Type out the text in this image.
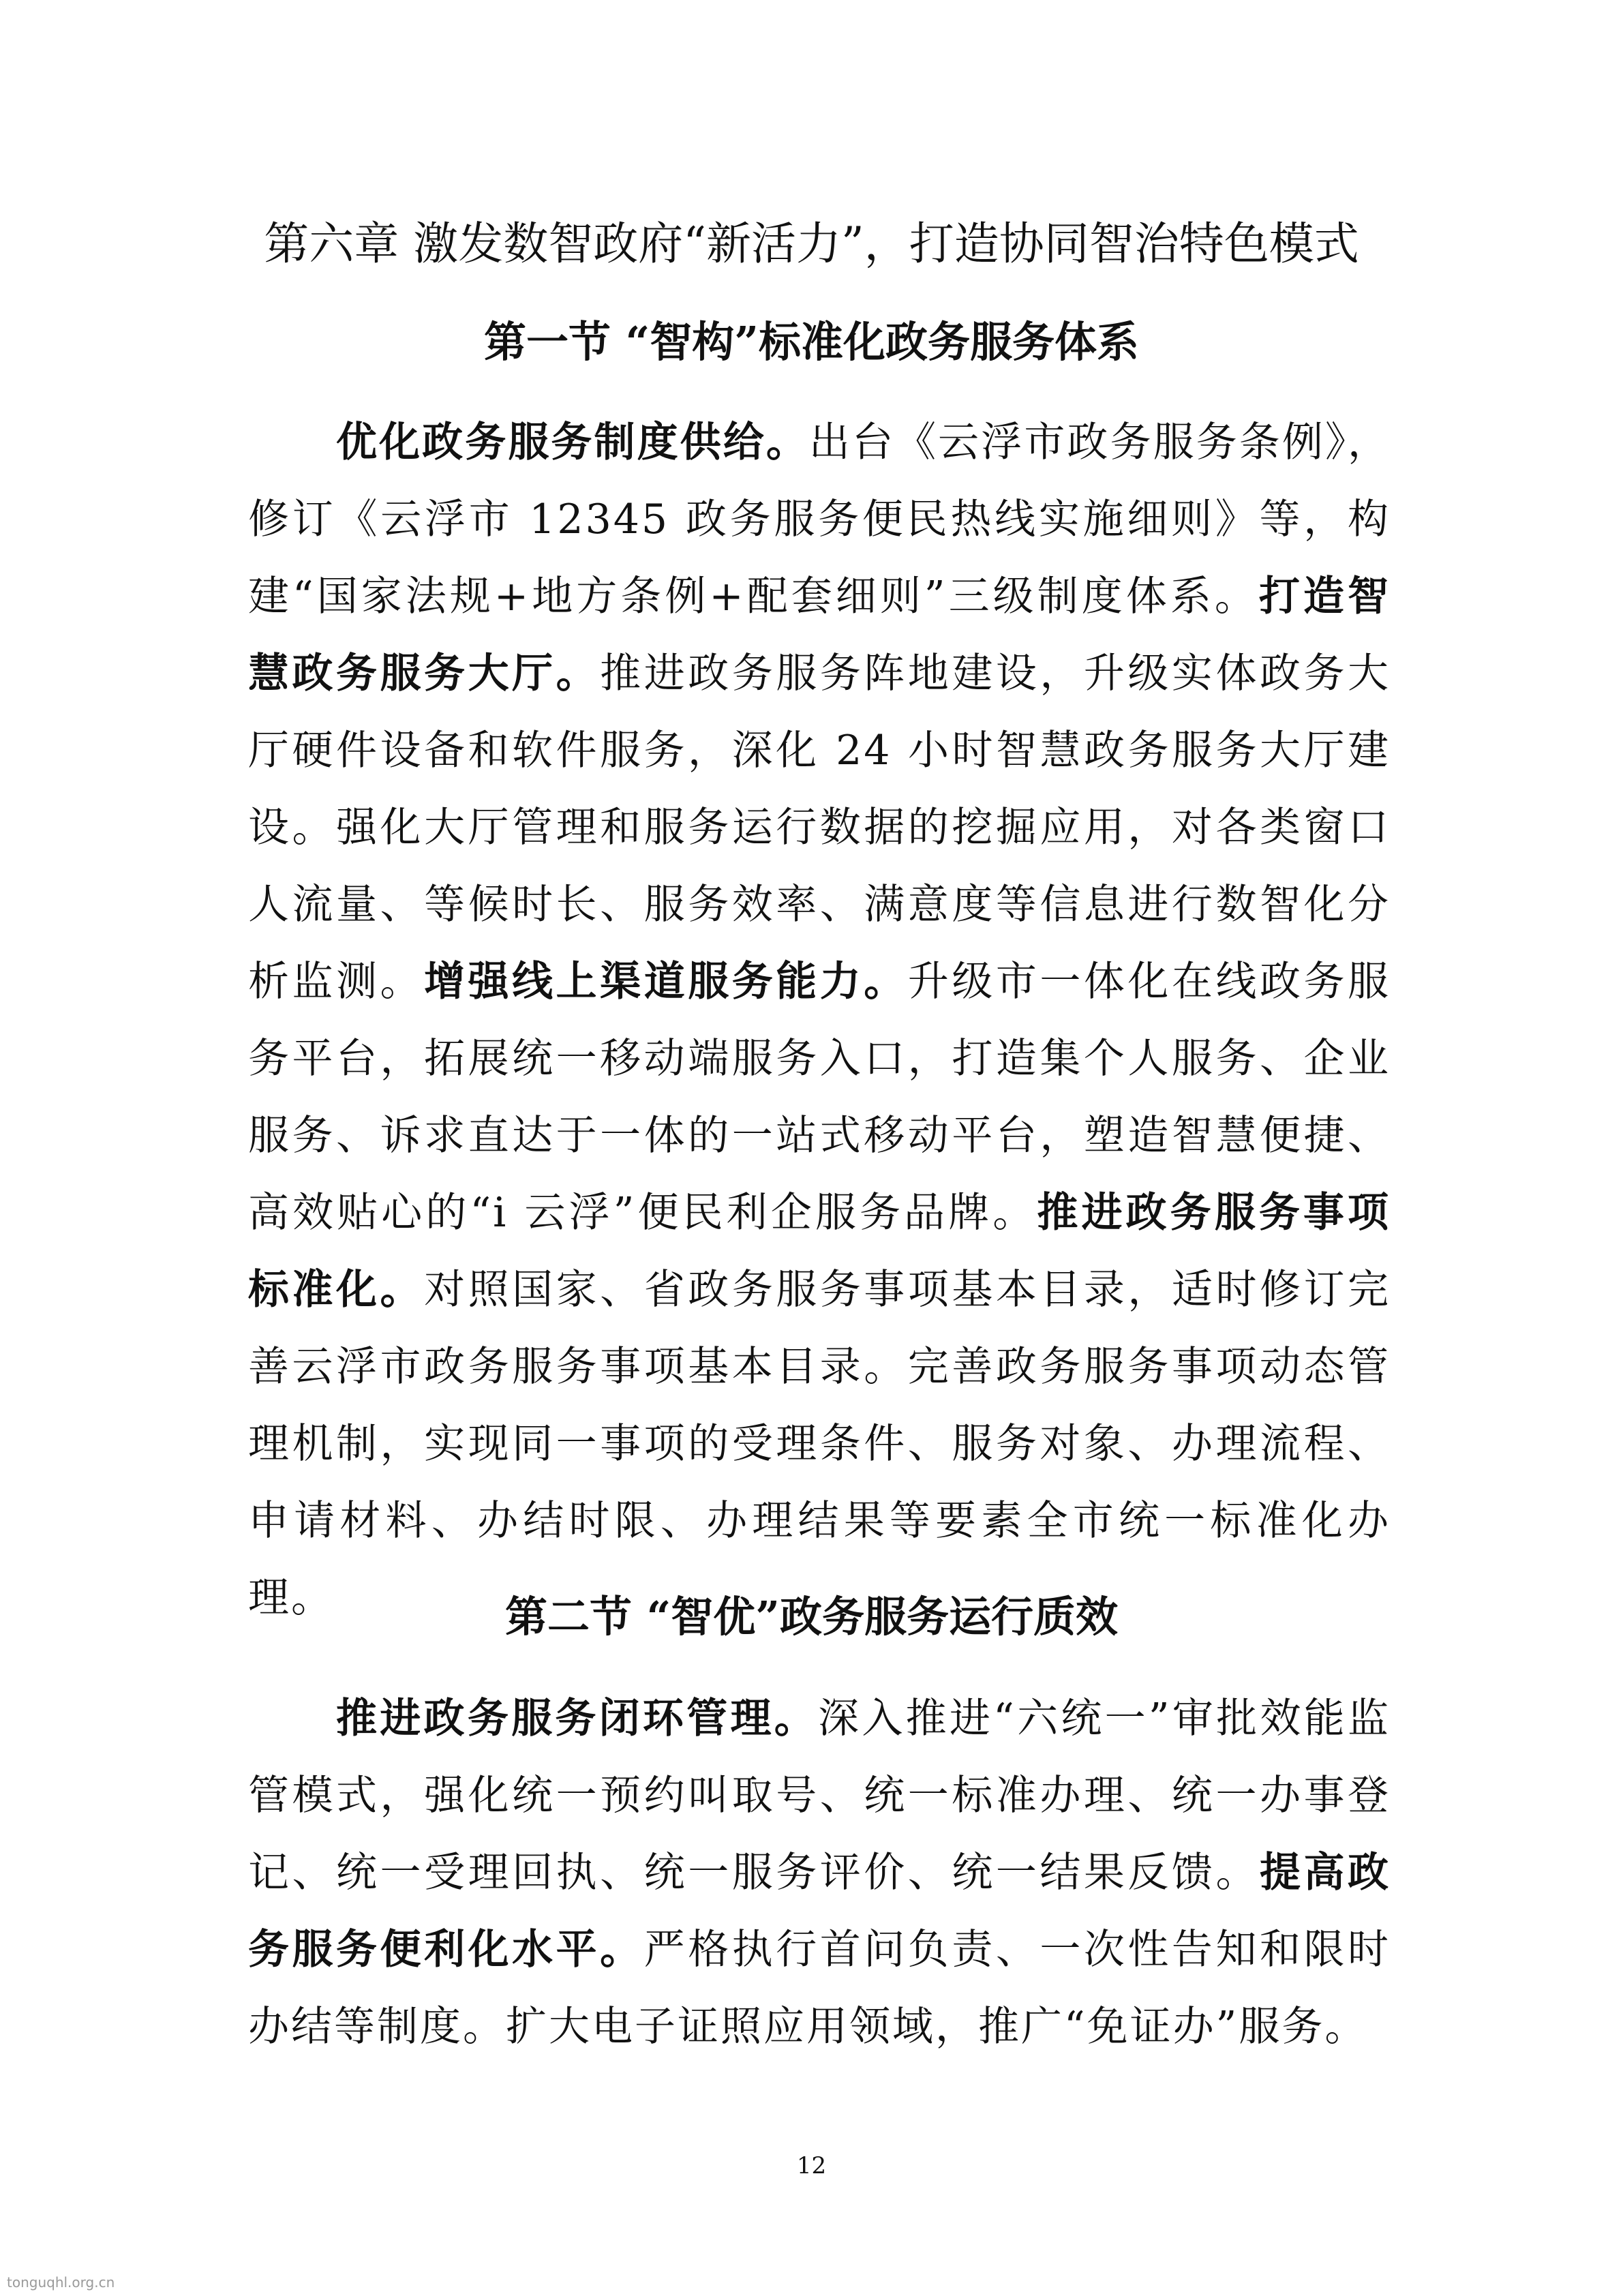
第六章 激发数智政府“新活力”，打造协同智治特色模式
第一节 “智构”标准化政务服务体系

优化政务服务制度供给。出台《云浮市政务服务条例》，修订《云浮市 12345 政务服务便民热线实施细则》等，构建“国家法规+地方条例+配套细则”三级制度体系。打造智慧政务服务大厅。推进政务服务阵地建设，升级实体政务大厅硬件设备和软件服务，深化 24 小时智慧政务服务大厅建设。强化大厅管理和服务运行数据的挖掘应用，对各类窗口人流量、等候时长、服务效率、满意度等信息进行数智化分析监测。增强线上渠道服务能力。升级市一体化在线政务服务平台，拓展统一移动端服务入口，打造集个人服务、企业服务、诉求直达于一体的一站式移动平台，塑造智慧便捷、高效贴心的“i 云浮”便民利企服务品牌。推进政务服务事项标准化。对照国家、省政务服务事项基本目录，适时修订完善云浮市政务服务事项基本目录。完善政务服务事项动态管理机制，实现同一事项的受理条件、服务对象、办理流程、申请材料、办结时限、办理结果等要素全市统一标准化办理。	第二节 “智优”政务服务运行质效

推进政务服务闭环管理。深入推进“六统一”审批效能监管模式，强化统一预约叫取号、统一标准办理、统一办事登记、统一受理回执、统一服务评价、统一结果反馈。提高政务服务便利化水平。严格执行首问负责、一次性告知和限时办结等制度。扩大电子证照应用领域，推广“免证办”服务。

12
tonguqhl.org.cn
